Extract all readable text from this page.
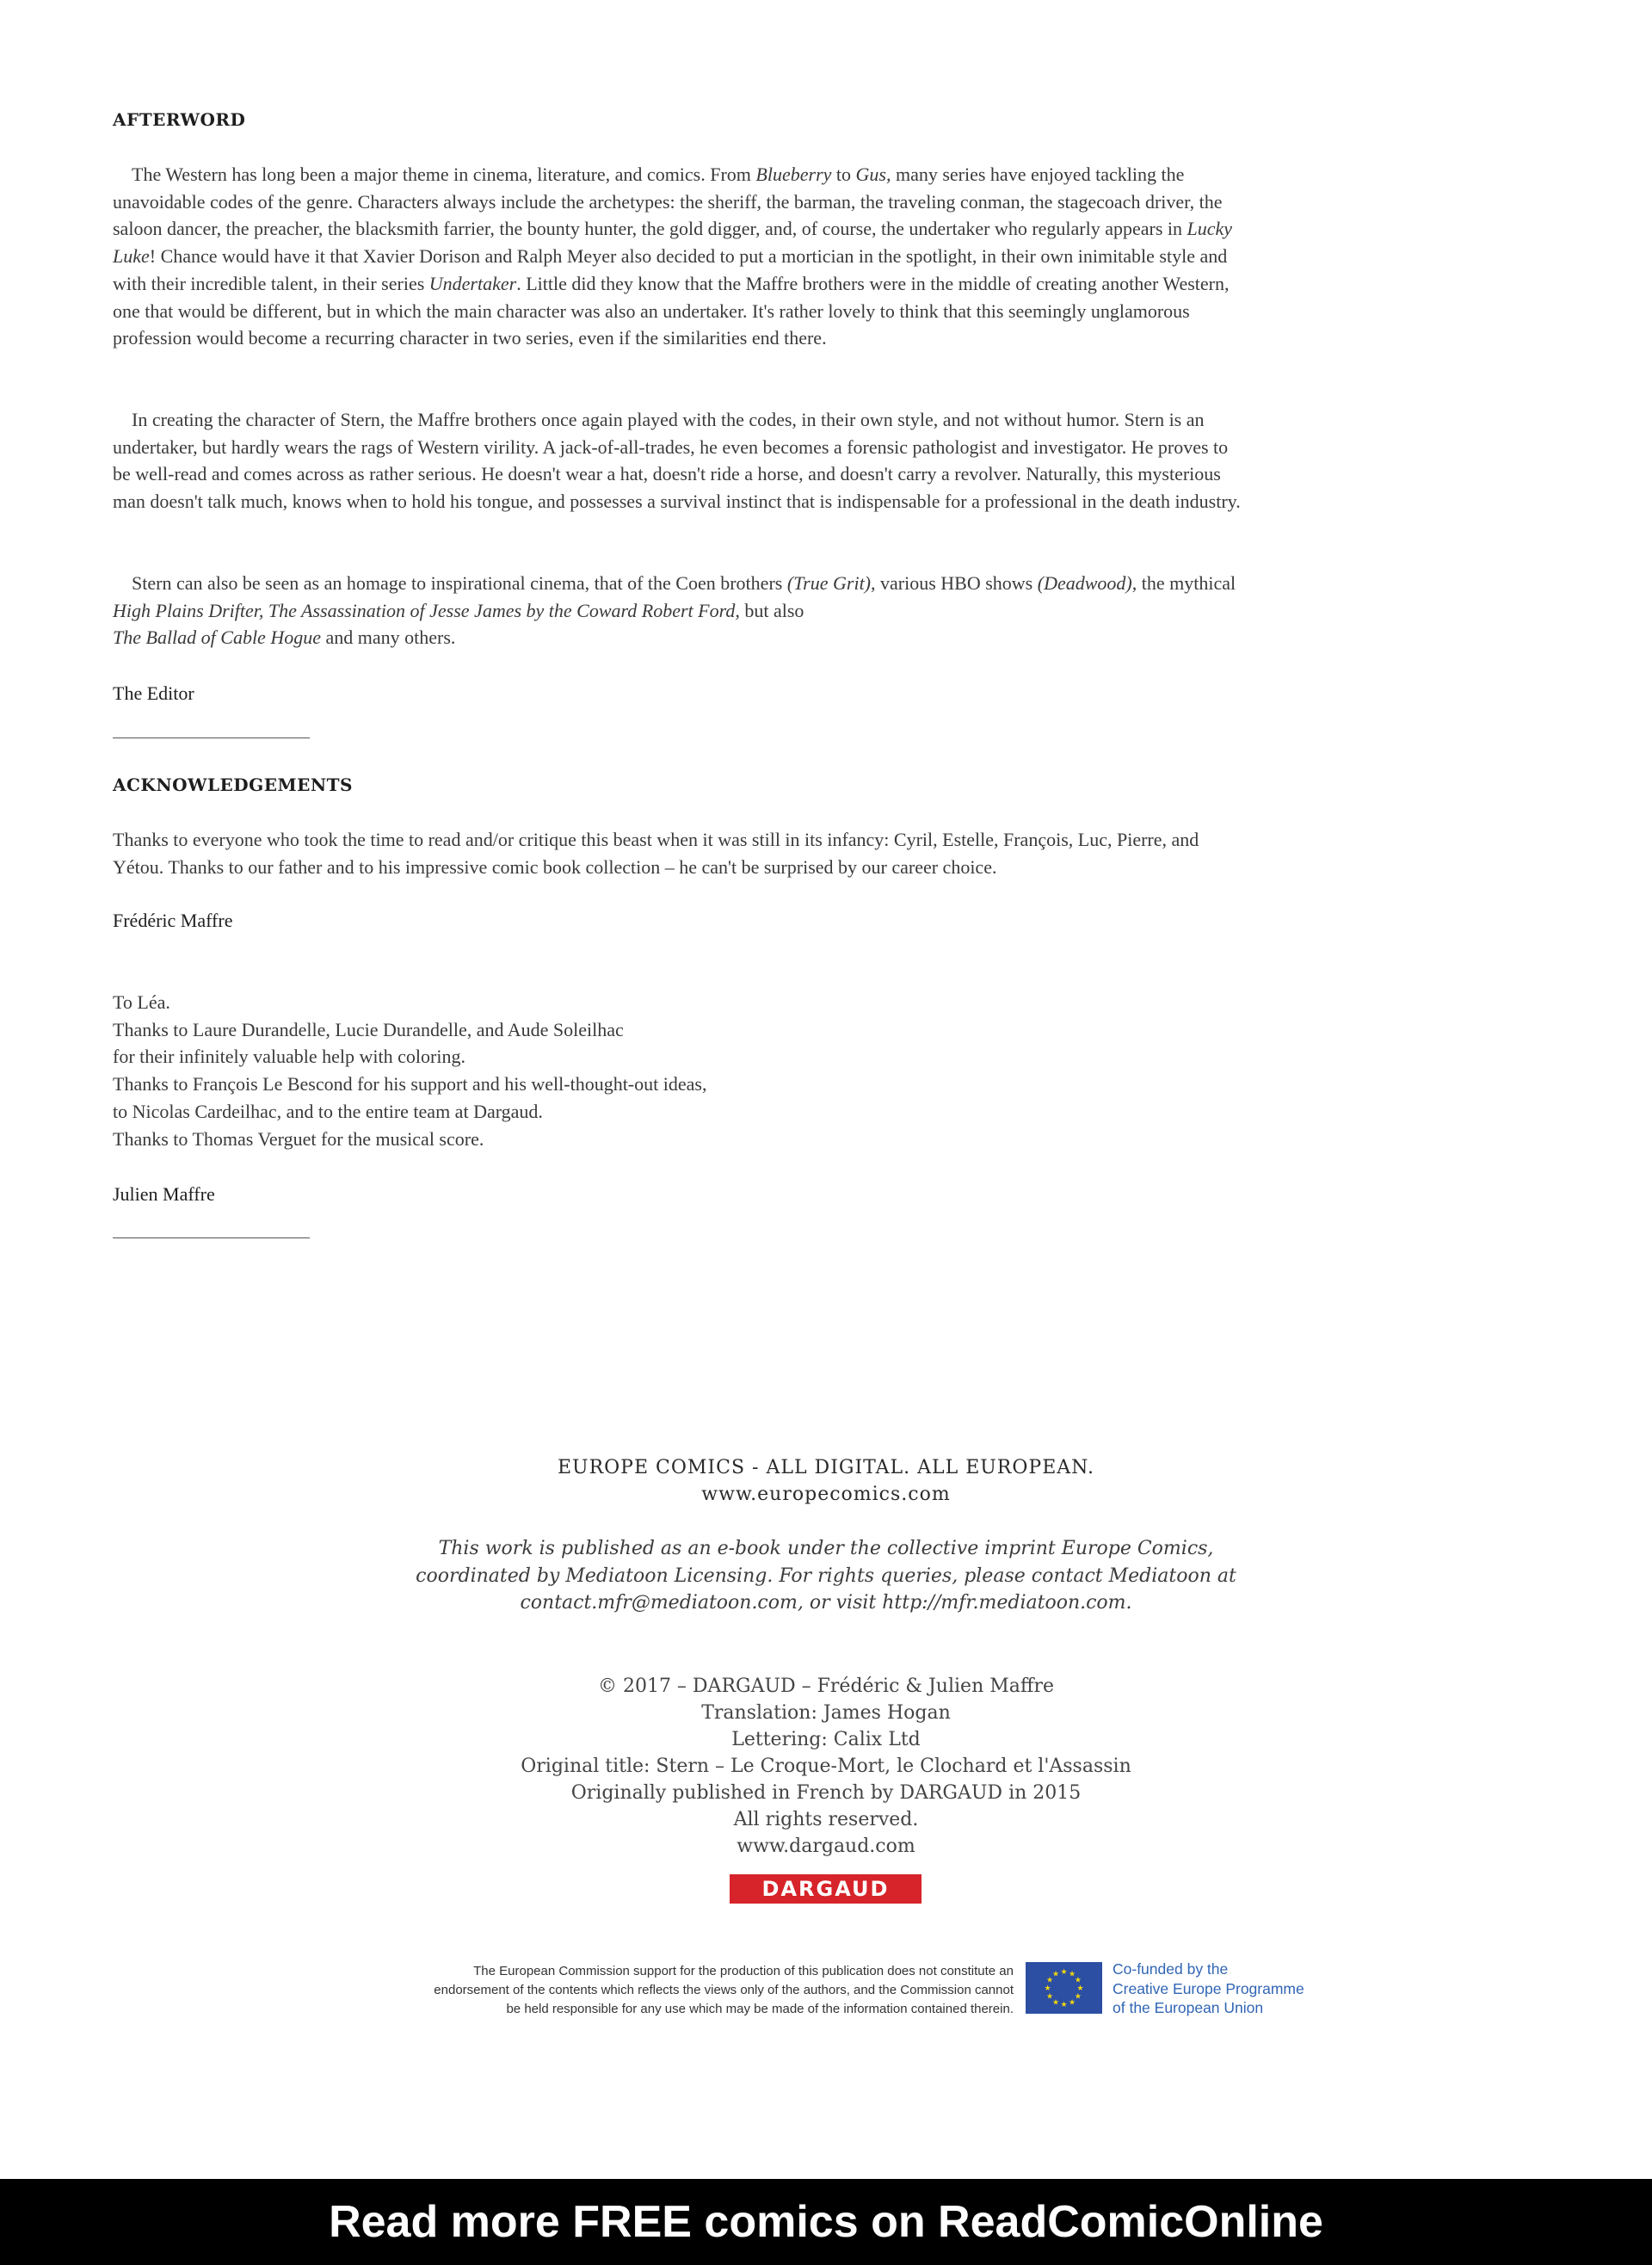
AFTERWORD

The Western has long been a major theme in cinema, literature, and comics. From Blueberry to Gus, many series have enjoyed tackling the unavoidable codes of the genre. Characters always include the archetypes: the sheriff, the barman, the traveling conman, the stagecoach driver, the saloon dancer, the preacher, the blacksmith farrier, the bounty hunter, the gold digger, and, of course, the undertaker who regularly appears in Lucky Luke! Chance would have it that Xavier Dorison and Ralph Meyer also decided to put a mortician in the spotlight, in their own inimitable style and with their incredible talent, in their series Undertaker. Little did they know that the Maffre brothers were in the middle of creating another Western, one that would be different, but in which the main character was also an undertaker. It's rather lovely to think that this seemingly unglamorous profession would become a recurring character in two series, even if the similarities end there.

In creating the character of Stern, the Maffre brothers once again played with the codes, in their own style, and not without humor. Stern is an undertaker, but hardly wears the rags of Western virility. A jack-of-all-trades, he even becomes a forensic pathologist and investigator. He proves to be well-read and comes across as rather serious. He doesn't wear a hat, doesn't ride a horse, and doesn't carry a revolver. Naturally, this mysterious man doesn't talk much, knows when to hold his tongue, and possesses a survival instinct that is indispensable for a professional in the death industry.

Stern can also be seen as an homage to inspirational cinema, that of the Coen brothers (True Grit), various HBO shows (Deadwood), the mythical High Plains Drifter, The Assassination of Jesse James by the Coward Robert Ford, but also
The Ballad of Cable Hogue and many others.

The Editor

ACKNOWLEDGEMENTS

Thanks to everyone who took the time to read and/or critique this beast when it was still in its infancy: Cyril, Estelle, François, Luc, Pierre, and Yétou. Thanks to our father and to his impressive comic book collection – he can't be surprised by our career choice.

Frédéric Maffre

To Léa.

Thanks to Laure Durandelle, Lucie Durandelle, and Aude Soleilhac

for their infinitely valuable help with coloring.

Thanks to François Le Bescond for his support and his well-thought-out ideas,

to Nicolas Cardeilhac, and to the entire team at Dargaud.

Thanks to Thomas Verguet for the musical score.

Julien Maffre

EUROPE COMICS - ALL DIGITAL. ALL EUROPEAN.

www.europecomics.com

This work is published as an e-book under the collective imprint Europe Comics,

coordinated by Mediatoon Licensing. For rights queries, please contact Mediatoon at

contact.mfr@mediatoon.com, or visit http://mfr.mediatoon.com.

© 2017 – DARGAUD – Frédéric & Julien Maffre

Translation: James Hogan

Lettering: Calix Ltd

Original title: Stern – Le Croque-Mort, le Clochard et l'Assassin

Originally published in French by DARGAUD in 2015

All rights reserved.

www.dargaud.com

DARGAUD

The European Commission support for the production of this publication does not constitute an

endorsement of the contents which reflects the views only of the authors, and the Commission cannot

be held responsible for any use which may be made of the information contained therein.

★ ★
★
★
★
★
★
★
★
★
★
★	Co-funded by the

Creative Europe Programme

of the European Union

Read more FREE comics on ReadComicOnline
